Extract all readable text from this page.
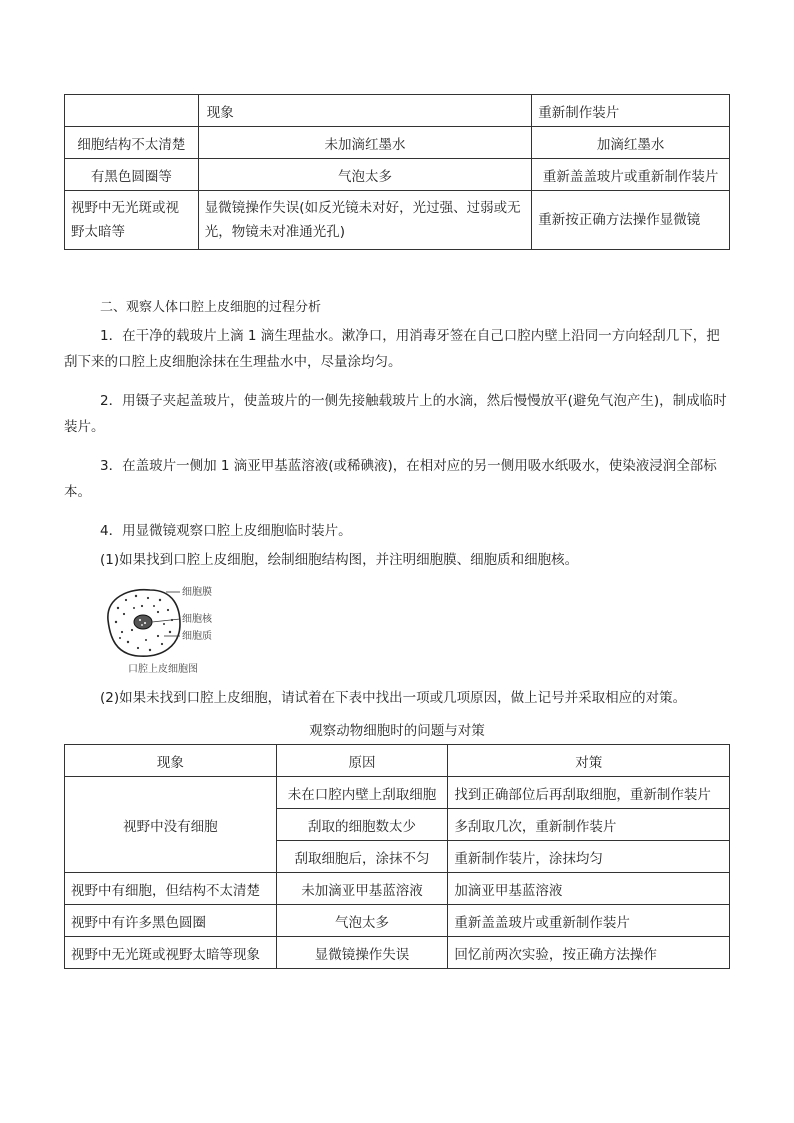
	现象	重新制作装片
细胞结构不太清楚	未加滴红墨水	加滴红墨水
有黑色圆圈等	气泡太多	重新盖盖玻片或重新制作装片
视野中无光斑或视野太暗等	显微镜操作失误(如反光镜未对好，光过强、过弱或无光，物镜未对准通光孔)	重新按正确方法操作显微镜
二、观察人体口腔上皮细胞的过程分析

1．在干净的载玻片上滴 1 滴生理盐水。漱净口，用消毒牙签在自己口腔内壁上沿同一方向轻刮几下，把刮下来的口腔上皮细胞涂抹在生理盐水中，尽量涂均匀。

2．用镊子夹起盖玻片，使盖玻片的一侧先接触载玻片上的水滴，然后慢慢放平(避免气泡产生)，制成临时装片。

3．在盖玻片一侧加 1 滴亚甲基蓝溶液(或稀碘液)，在相对应的另一侧用吸水纸吸水，使染液浸润全部标本。

4．用显微镜观察口腔上皮细胞临时装片。

(1)如果找到口腔上皮细胞，绘制细胞结构图，并注明细胞膜、细胞质和细胞核。

细胞膜
细胞核
细胞质
口腔上皮细胞图

(2)如果未找到口腔上皮细胞，请试着在下表中找出一项或几项原因，做上记号并采取相应的对策。

观察动物细胞时的问题与对策
现象	原因	对策
视野中没有细胞	未在口腔内壁上刮取细胞	找到正确部位后再刮取细胞，重新制作装片
	刮取的细胞数太少	多刮取几次，重新制作装片
	刮取细胞后，涂抹不匀	重新制作装片，涂抹均匀
视野中有细胞，但结构不太清楚	未加滴亚甲基蓝溶液	加滴亚甲基蓝溶液
视野中有许多黑色圆圈	气泡太多	重新盖盖玻片或重新制作装片
视野中无光斑或视野太暗等现象	显微镜操作失误	回忆前两次实验，按正确方法操作
